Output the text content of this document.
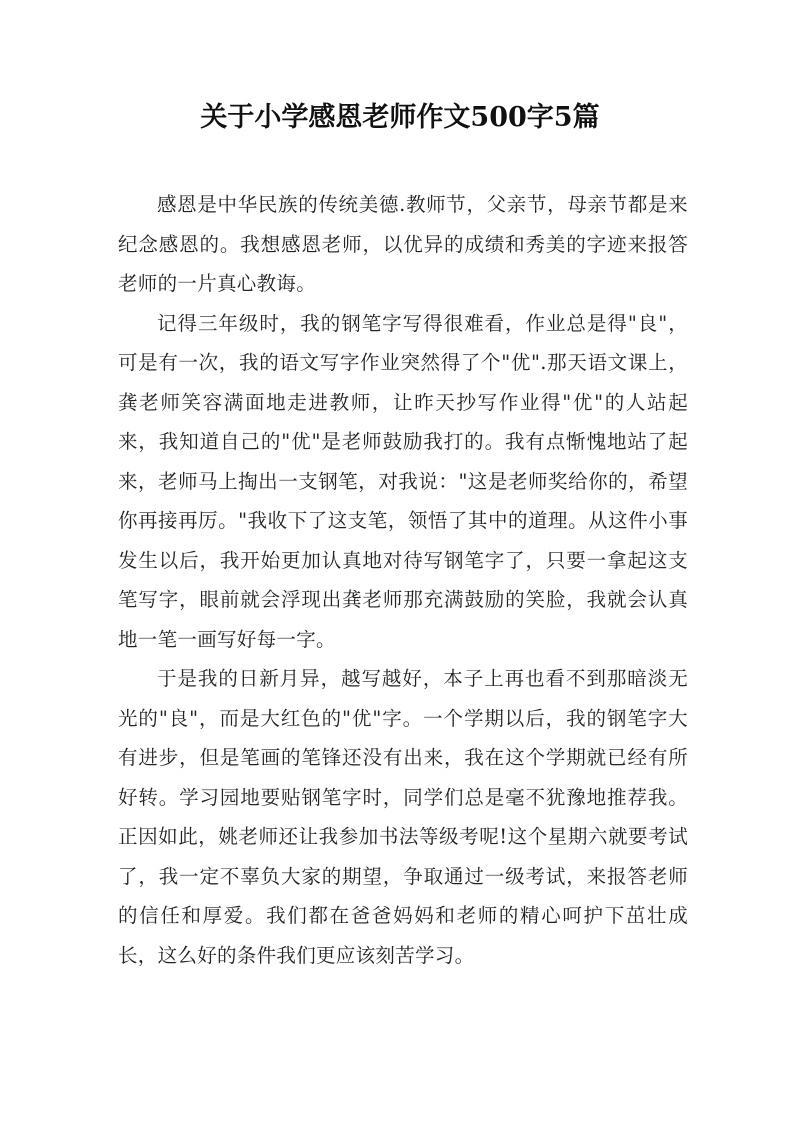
关于小学感恩老师作文500字5篇

感恩是中华民族的传统美德.教师节，父亲节，母亲节都是来纪念感恩的。我想感恩老师，以优异的成绩和秀美的字迹来报答老师的一片真心教诲。

记得三年级时，我的钢笔字写得很难看，作业总是得"良"，可是有一次，我的语文写字作业突然得了个"优".那天语文课上，龚老师笑容满面地走进教师，让昨天抄写作业得"优"的人站起来，我知道自己的"优"是老师鼓励我打的。我有点惭愧地站了起来，老师马上掏出一支钢笔，对我说："这是老师奖给你的，希望你再接再厉。"我收下了这支笔，领悟了其中的道理。从这件小事发生以后，我开始更加认真地对待写钢笔字了，只要一拿起这支笔写字，眼前就会浮现出龚老师那充满鼓励的笑脸，我就会认真地一笔一画写好每一字。

于是我的日新月异，越写越好，本子上再也看不到那暗淡无光的"良"，而是大红色的"优"字。一个学期以后，我的钢笔字大有进步，但是笔画的笔锋还没有出来，我在这个学期就已经有所好转。学习园地要贴钢笔字时，同学们总是毫不犹豫地推荐我。正因如此，姚老师还让我参加书法等级考呢!这个星期六就要考试了，我一定不辜负大家的期望，争取通过一级考试，来报答老师的信任和厚爱。我们都在爸爸妈妈和老师的精心呵护下茁壮成长，这么好的条件我们更应该刻苦学习。
